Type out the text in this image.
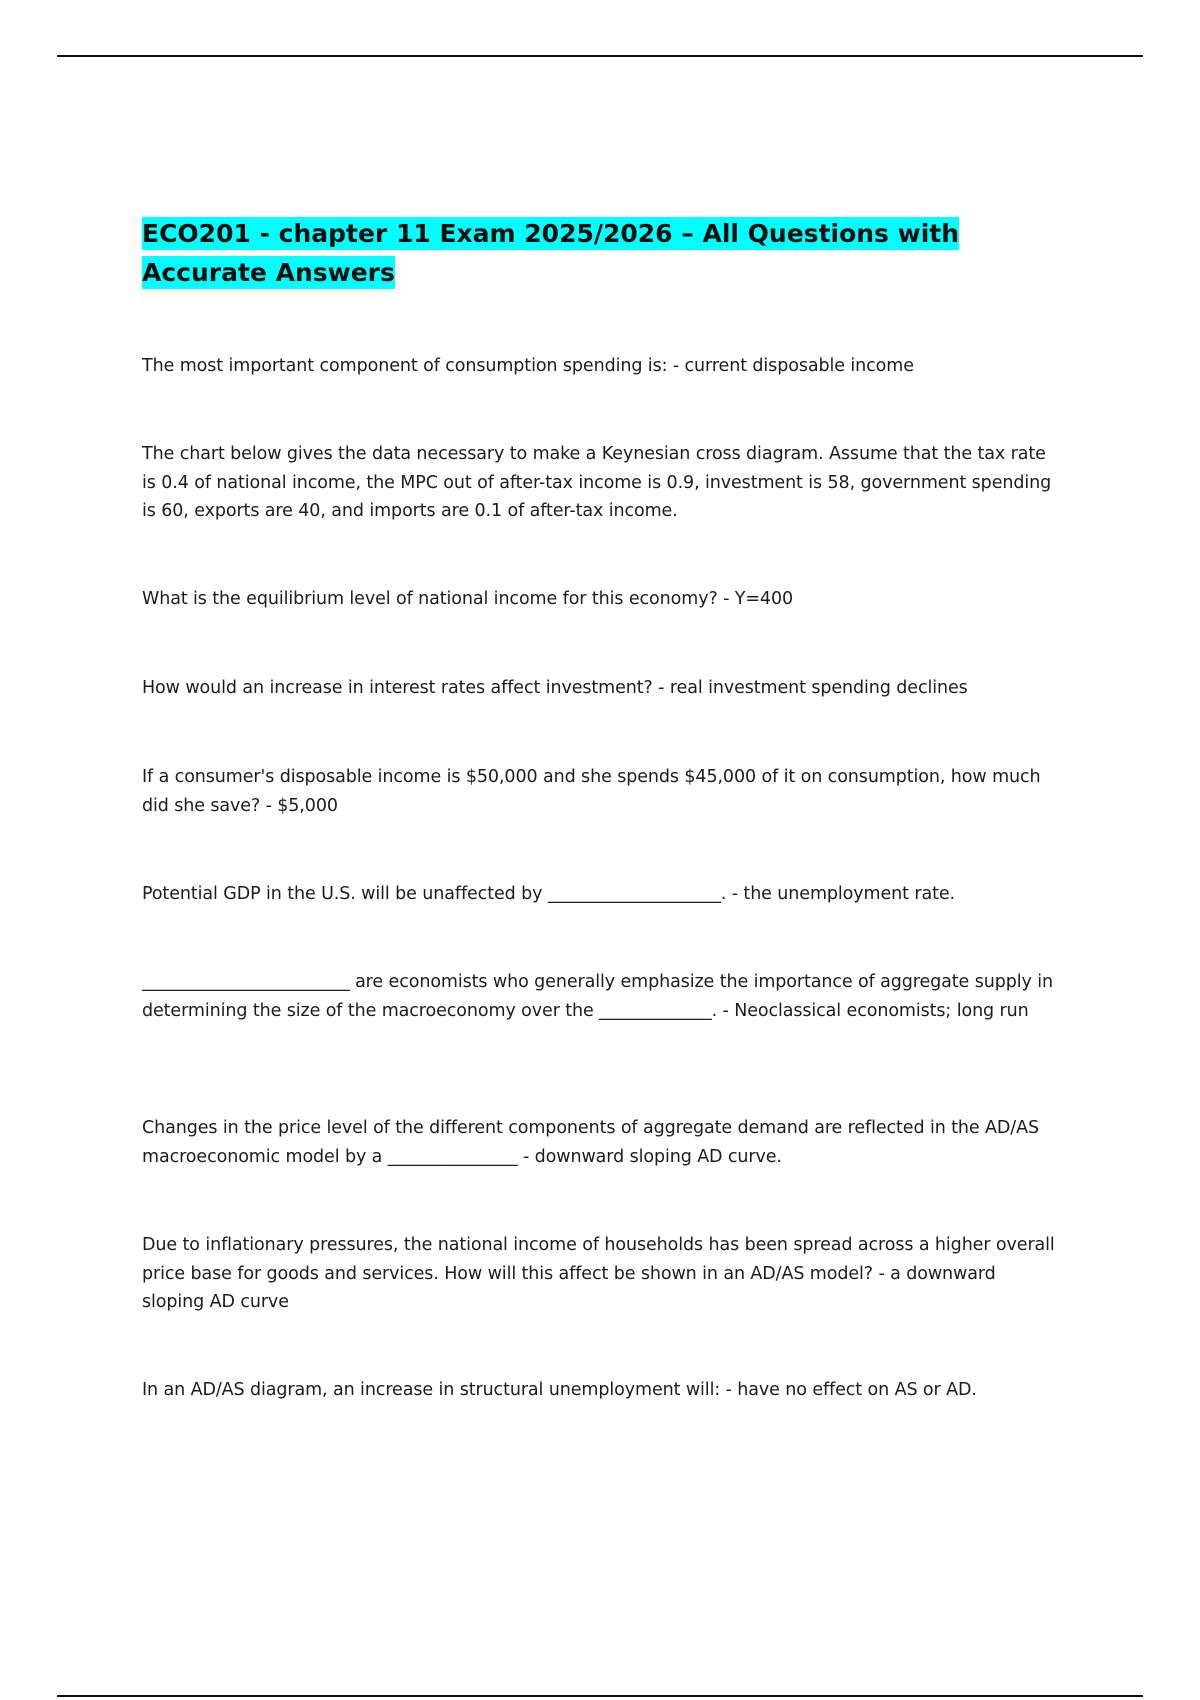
ECO201 - chapter 11 Exam 2025/2026 – All Questions with Accurate Answers

The most important component of consumption spending is: - current disposable income

The chart below gives the data necessary to make a Keynesian cross diagram. Assume that the tax rate is 0.4 of national income, the MPC out of after-tax income is 0.9, investment is 58, government spending is 60, exports are 40, and imports are 0.1 of after-tax income.

What is the equilibrium level of national income for this economy? - Y=400

How would an increase in interest rates affect investment? - real investment spending declines

If a consumer's disposable income is $50,000 and she spends $45,000 of it on consumption, how much did she save? - $5,000

Potential GDP in the U.S. will be unaffected by ____________________. - the unemployment rate.

________________________ are economists who generally emphasize the importance of aggregate supply in determining the size of the macroeconomy over the _____________. - Neoclassical economists; long run

Changes in the price level of the different components of aggregate demand are reflected in the AD/AS macroeconomic model by a _______________ - downward sloping AD curve.

Due to inflationary pressures, the national income of households has been spread across a higher overall price base for goods and services. How will this affect be shown in an AD/AS model? - a downward sloping AD curve

In an AD/AS diagram, an increase in structural unemployment will: - have no effect on AS or AD.
